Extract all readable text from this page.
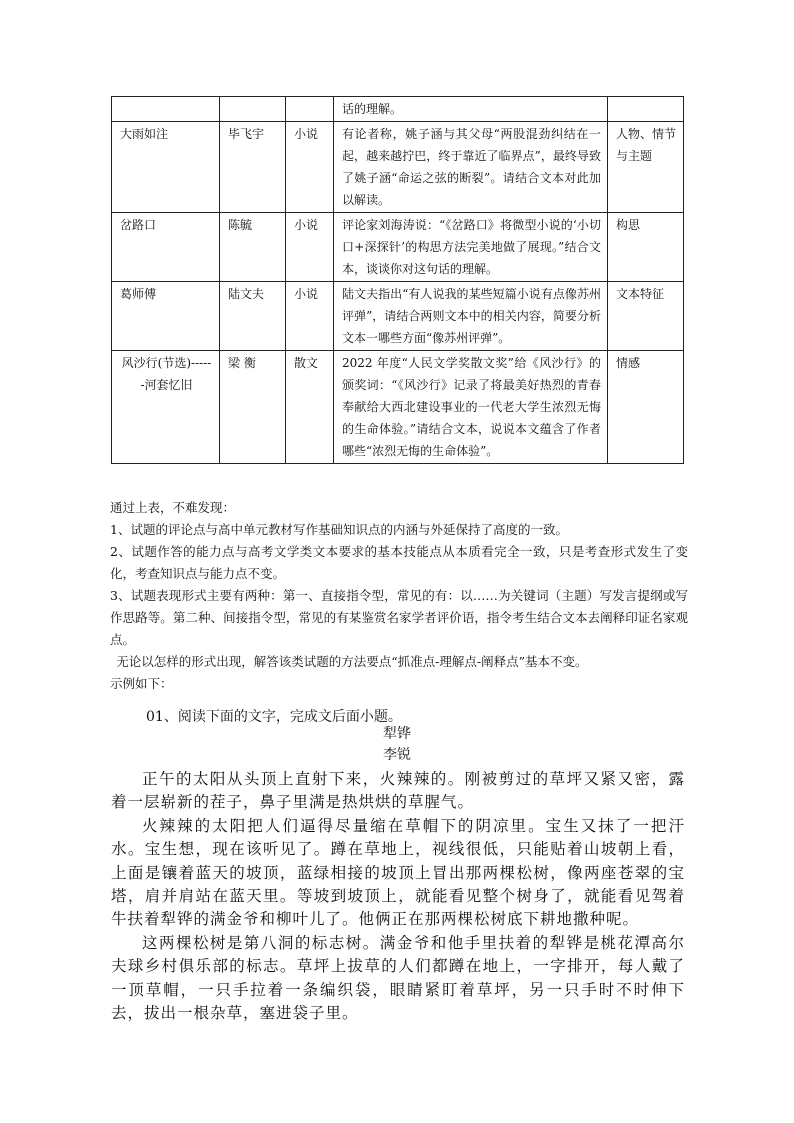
			话的理解。	
大雨如注	毕飞宇	小说	有论者称，姚子涵与其父母“两股混劲纠结在一起，越来越拧巴，终于靠近了临界点”，最终导致了姚子涵“命运之弦的断裂”。请结合文本对此加以解读。	人物、情节与主题
岔路口	陈毓	小说	评论家刘海涛说：“《岔路口》将微型小说的‘小切口+深探针’的构思方法完美地做了展现。”结合文本，谈谈你对这句话的理解。	构思
葛师傅	陆文夫	小说	陆文夫指出“有人说我的某些短篇小说有点像苏州评弹”，请结合两则文本中的相关内容，简要分析文本一哪些方面“像苏州评弹”。	文本特征
风沙行(节选)------河套忆旧	梁 衡	散文	2022 年度“人民文学奖散文奖”给《风沙行》的颁奖词：“《风沙行》记录了将最美好热烈的青春奉献给大西北建设事业的一代老大学生浓烈无悔的生命体验。”请结合文本，说说本文蕴含了作者哪些“浓烈无悔的生命体验”。	情感

通过上表，不难发现：

1、试题的评论点与高中单元教材写作基础知识点的内涵与外延保持了高度的一致。

2、试题作答的能力点与高考文学类文本要求的基本技能点从本质看完全一致，只是考查形式发生了变化，考查知识点与能力点不变。

3、试题表现形式主要有两种：第一、直接指令型，常见的有：以……为关键词（主题）写发言提纲或写作思路等。第二种、间接指令型，常见的有某鉴赏名家学者评价语，指令考生结合文本去阐释印证名家观点。

无论以怎样的形式出现，解答该类试题的方法要点“抓准点-理解点-阐释点”基本不变。

示例如下：

01、阅读下面的文字，完成文后面小题。
犁铧
李锐

正午的太阳从头顶上直射下来，火辣辣的。刚被剪过的草坪又紧又密，露着一层崭新的茬子，鼻子里满是热烘烘的草腥气。

火辣辣的太阳把人们逼得尽量缩在草帽下的阴凉里。宝生又抹了一把汗水。宝生想，现在该听见了。蹲在草地上，视线很低，只能贴着山坡朝上看，上面是镶着蓝天的坡顶，蓝绿相接的坡顶上冒出那两棵松树，像两座苍翠的宝塔，肩并肩站在蓝天里。等坡到坡顶上，就能看见整个树身了，就能看见驾着牛扶着犁铧的满金爷和柳叶儿了。他俩正在那两棵松树底下耕地撒种呢。

这两棵松树是第八洞的标志树。满金爷和他手里扶着的犁铧是桃花潭高尔夫球乡村俱乐部的标志。草坪上拔草的人们都蹲在地上，一字排开，每人戴了一顶草帽，一只手拉着一条编织袋，眼睛紧盯着草坪，另一只手时不时伸下去，拔出一根杂草，塞进袋子里。
